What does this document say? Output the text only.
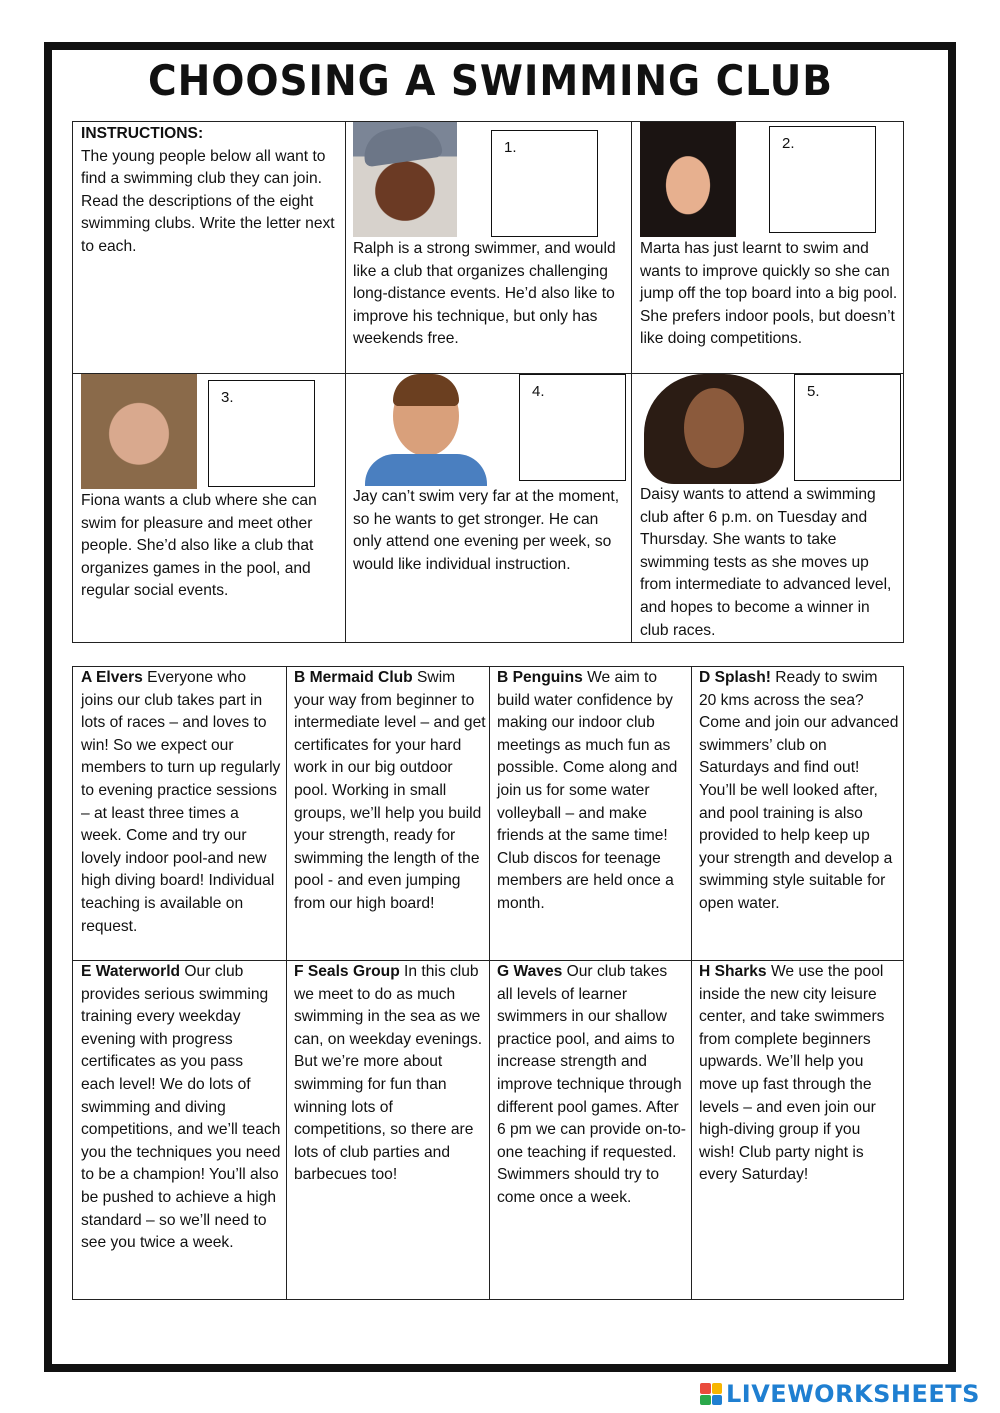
CHOOSING A SWIMMING CLUB
INSTRUCTIONS:
The young people below all want to find a swimming club they can join. Read the descriptions of the eight swimming clubs. Write the letter next to each.
1.
Ralph is a strong swimmer, and would like a club that organizes challenging long-distance events. He’d also like to improve his technique, but only has weekends free.
2.
Marta has just learnt to swim and wants to improve quickly so she can jump off the top board into a big pool. She prefers indoor pools, but doesn’t like doing competitions.
3.
Fiona wants a club where she can swim for pleasure and meet other people. She’d also like a club that organizes games in the pool, and regular social events.
4.
Jay can’t swim very far at the moment, so he wants to get stronger. He can only attend one evening per week, so would like individual instruction.
5.
Daisy wants to attend a swimming club after 6 p.m. on Tuesday and Thursday. She wants to take swimming tests as she moves up from intermediate to advanced level, and hopes to become a winner in club races.
A Elvers Everyone who joins our club takes part in lots of races – and loves to win! So we expect our members to turn up regularly to evening practice sessions – at least three times a week. Come and try our lovely indoor pool-and new high diving board! Individual teaching is available on request.
B Mermaid Club Swim your way from beginner to intermediate level – and get certificates for your hard work in our big outdoor pool. Working in small groups, we’ll help you build your strength, ready for swimming the length of the pool - and even jumping from our high board!
B Penguins We aim to build water confidence by making our indoor club meetings as much fun as possible. Come along and join us for some water volleyball – and make friends at the same time! Club discos for teenage members are held once a month.
D Splash! Ready to swim 20 kms across the sea? Come and join our advanced swimmers’ club on Saturdays and find out! You’ll be well looked after, and pool training is also provided to help keep up your strength and develop a swimming style suitable for open water.
E Waterworld Our club provides serious swimming training every weekday evening with progress certificates as you pass each level! We do lots of swimming and diving competitions, and we’ll teach you the techniques you need to be a champion! You’ll also be pushed to achieve a high standard – so we’ll need to see you twice a week.
F Seals Group In this club we meet to do as much swimming in the sea as we can, on weekday evenings. But we’re more about swimming for fun than winning lots of competitions, so there are lots of club parties and barbecues too!
G Waves Our club takes all levels of learner swimmers in our shallow practice pool, and aims to increase strength and improve technique through different pool games. After 6 pm we can provide on-to-one teaching if requested. Swimmers should try to come once a week.
H Sharks We use the pool inside the new city leisure center, and take swimmers from complete beginners upwards. We’ll help you move up fast through the levels – and even join our high-diving group if you wish! Club party night is every Saturday!
LIVEWORKSHEETS
